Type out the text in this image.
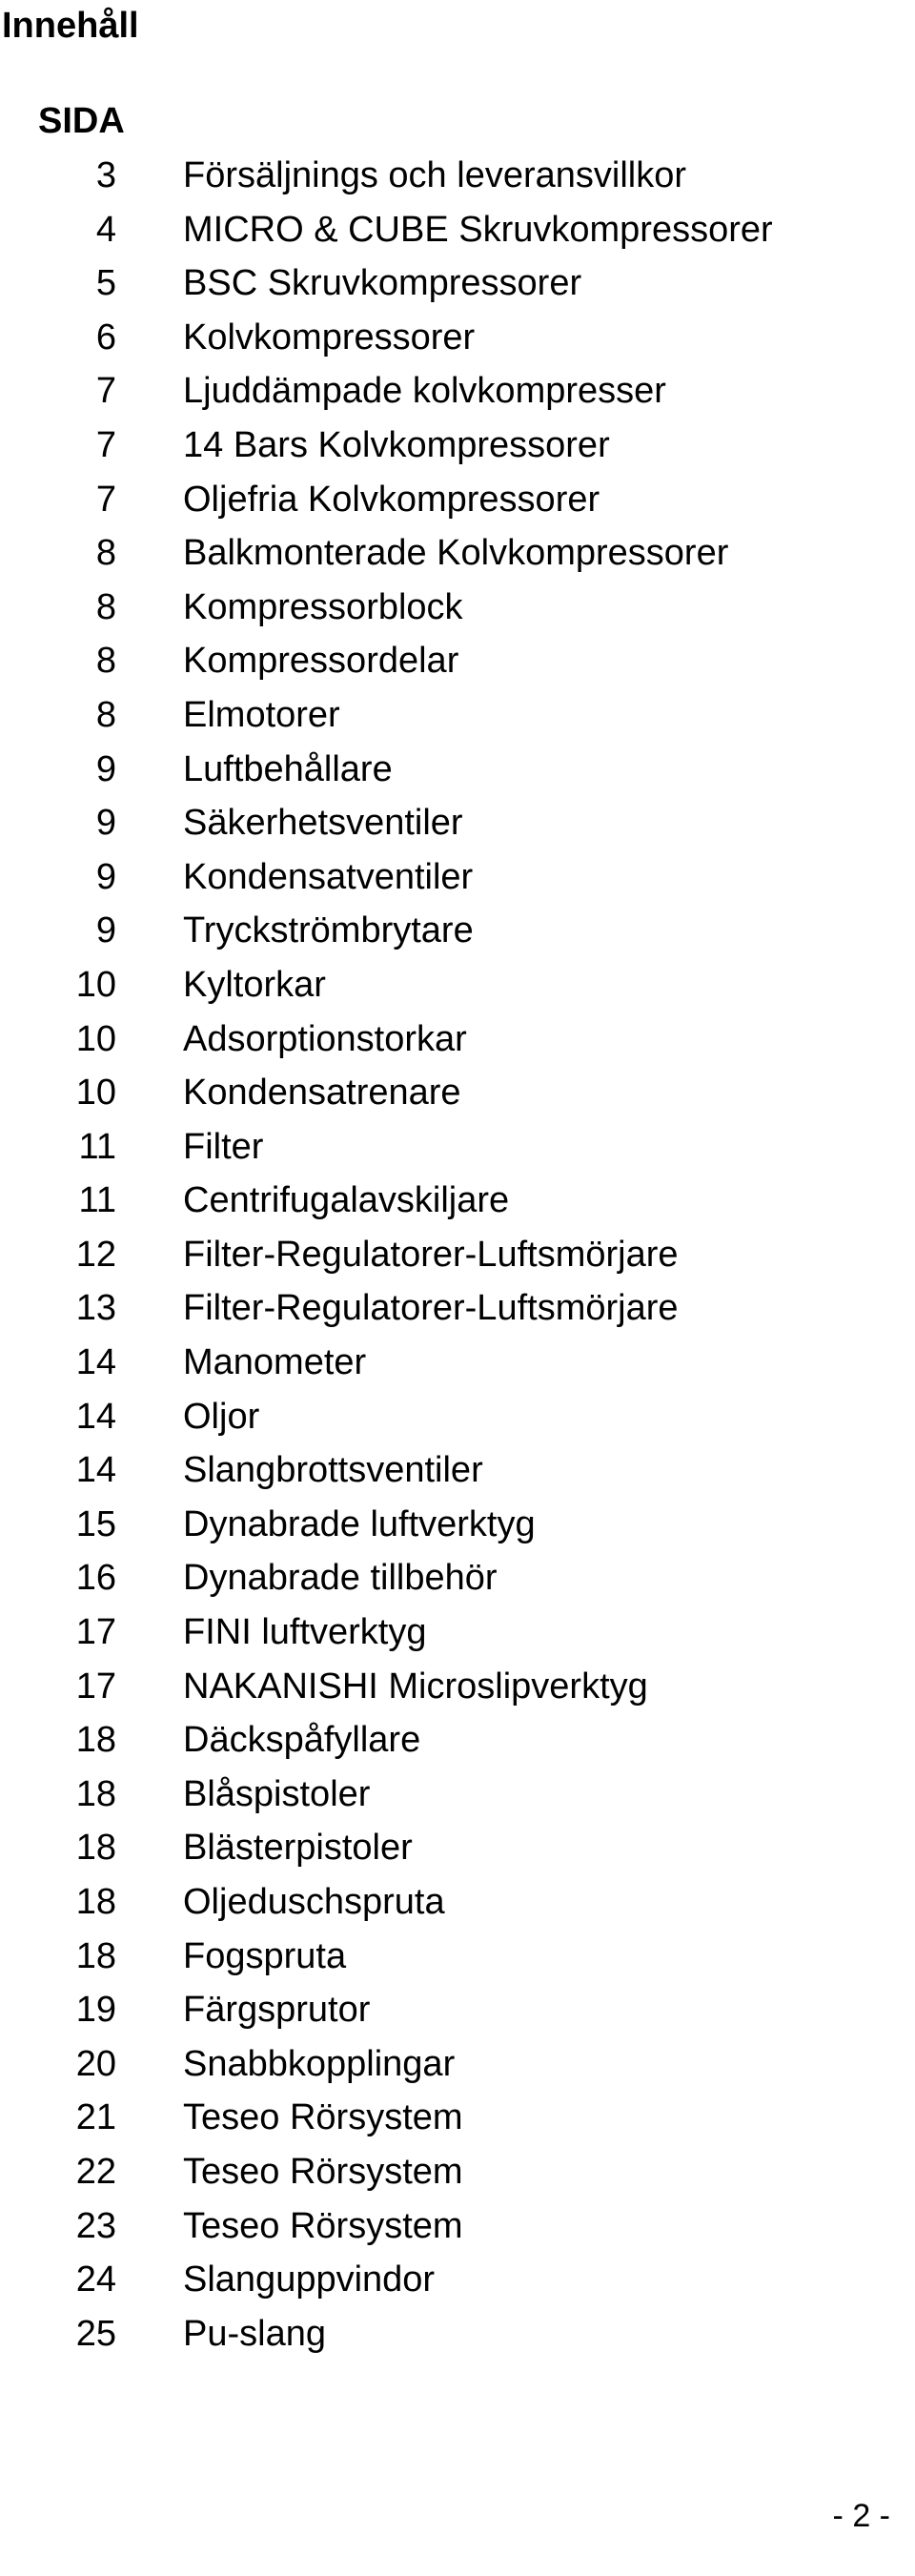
Innehåll
SIDA
3 Försäljnings och leveransvillkor
4 MICRO & CUBE Skruvkompressorer
5 BSC Skruvkompressorer
6 Kolvkompressorer
7 Ljuddämpade kolvkompresser
7 14 Bars Kolvkompressorer
7 Oljefria Kolvkompressorer
8 Balkmonterade Kolvkompressorer
8 Kompressorblock
8 Kompressordelar
8 Elmotorer
9 Luftbehållare
9 Säkerhetsventiler
9 Kondensatventiler
9 Tryckströmbrytare
10 Kyltorkar
10 Adsorptionstorkar
10 Kondensatrenare
11 Filter
11 Centrifugalavskiljare
12 Filter-Regulatorer-Luftsmörjare
13 Filter-Regulatorer-Luftsmörjare
14 Manometer
14 Oljor
14 Slangbrottsventiler
15 Dynabrade luftverktyg
16 Dynabrade tillbehör
17 FINI luftverktyg
17 NAKANISHI Microslipverktyg
18 Däckspåfyllare
18 Blåspistoler
18 Blästerpistoler
18 Oljeduschspruta
18 Fogspruta
19 Färgsprutor
20 Snabbkopplingar
21 Teseo Rörsystem
22 Teseo Rörsystem
23 Teseo Rörsystem
24 Slanguppvindor
25 Pu-slang
- 2 -
